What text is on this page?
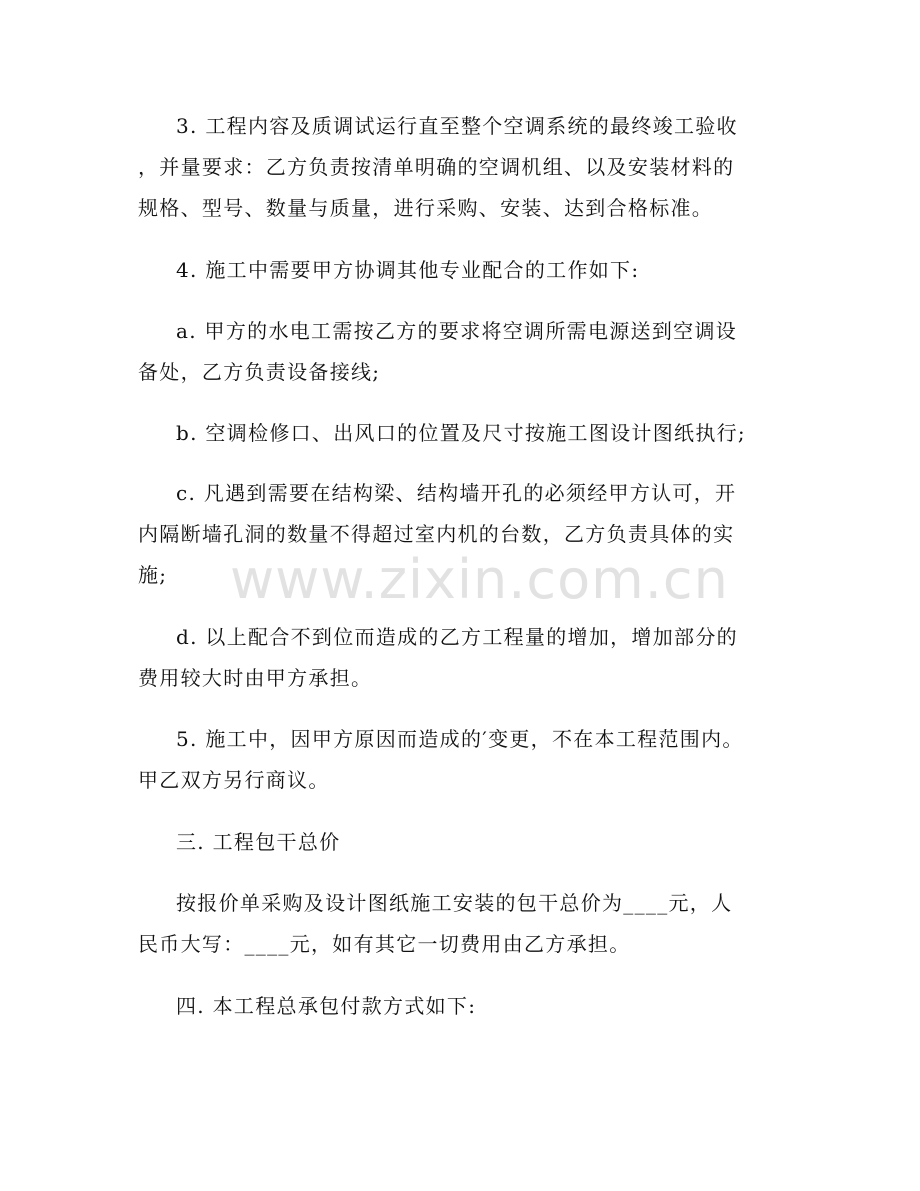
3. 工程内容及质调试运行直至整个空调系统的最终竣工验收
，并量要求：乙方负责按清单明确的空调机组、以及安装材料的
规格、型号、数量与质量，进行采购、安装、达到合格标准。

4. 施工中需要甲方协调其他专业配合的工作如下:

a. 甲方的水电工需按乙方的要求将空调所需电源送到空调设
备处，乙方负责设备接线;

b. 空调检修口、出风口的位置及尺寸按施工图设计图纸执行;

c. 凡遇到需要在结构梁、结构墙开孔的必须经甲方认可，开
内隔断墙孔洞的数量不得超过室内机的台数，乙方负责具体的实
施;

d. 以上配合不到位而造成的乙方工程量的增加，增加部分的
费用较大时由甲方承担。

5. 施工中，因甲方原因而造成的′变更，不在本工程范围内。
甲乙双方另行商议。

三. 工程包干总价

按报价单采购及设计图纸施工安装的包干总价为____元，人
民币大写：____元，如有其它一切费用由乙方承担。

四. 本工程总承包付款方式如下:

www.zixin.com.cn
